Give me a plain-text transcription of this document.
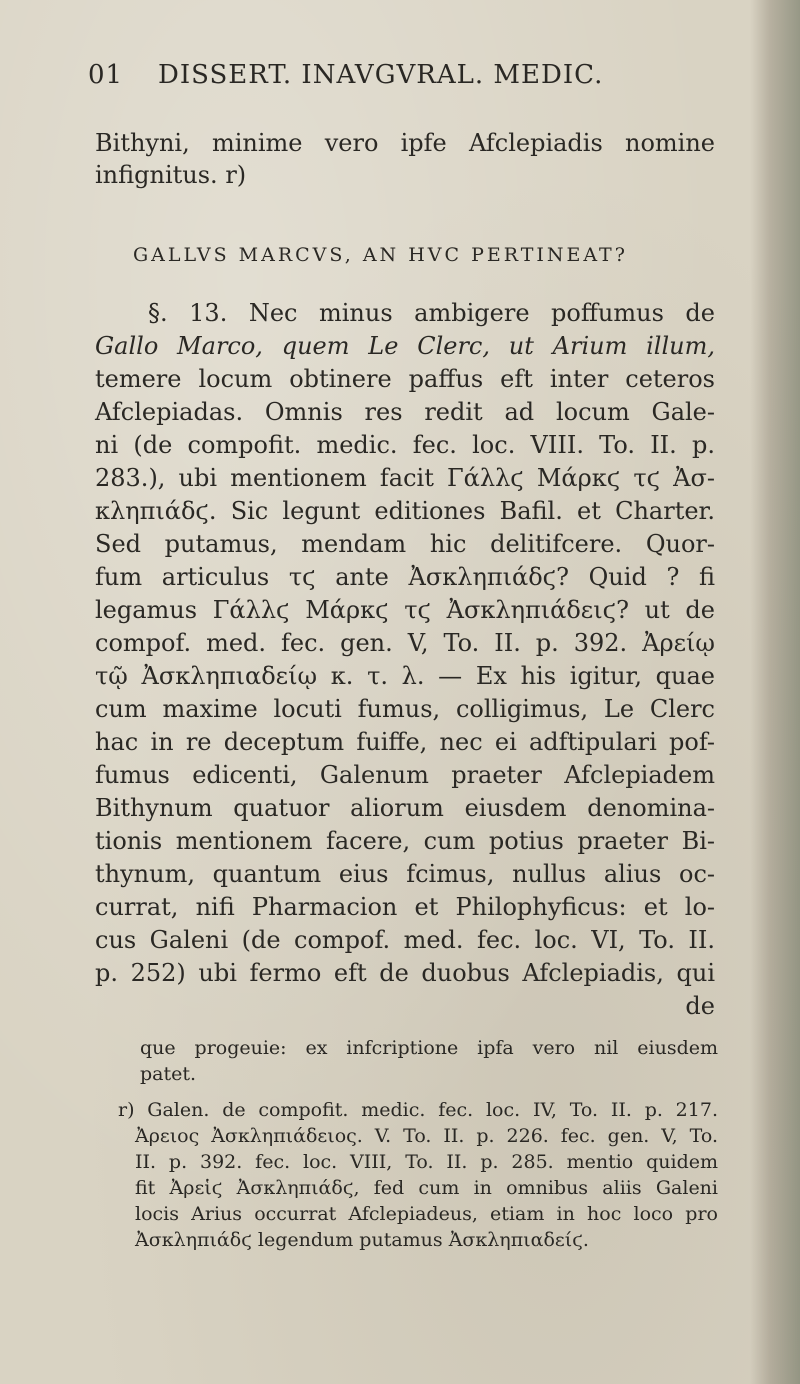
01 DISSERT. INAVGVRAL. MEDIC.
Bithyni, minime vero ipfe Afclepiadis nomine
infignitus. r)
GALLVS MARCVS, AN HVC PERTINEAT?
§. 13. Nec minus ambigere poffumus de
Gallo Marco, quem Le Clerc, ut Arium illum,
temere locum obtinere paffus eft inter ceteros
Afclepiadas. Omnis res redit ad locum Gale-
ni (de compofit. medic. fec. loc. VIII. To. II. p.
283.), ubi mentionem facit Γάλλϛ Μάρκϛ τϛ Ἀσ-
κληπιάδϛ. Sic legunt editiones Bafil. et Charter.
Sed putamus, mendam hic delitifcere. Quor-
fum articulus τϛ ante Ἀσκληπιάδϛ? Quid ? fi
legamus Γάλλϛ Μάρκϛ τϛ Ἀσκληπιάδειϛ? ut de
compof. med. fec. gen. V, To. II. p. 392. Ἀρείῳ
τῷ Ἀσκληπιαδείῳ κ. τ. λ. — Ex his igitur, quae
cum maxime locuti fumus, colligimus, Le Clerc
hac in re deceptum fuiffe, nec ei adftipulari pof-
fumus edicenti, Galenum praeter Afclepiadem
Bithynum quatuor aliorum eiusdem denomina-
tionis mentionem facere, cum potius praeter Bi-
thynum, quantum eius fcimus, nullus alius oc-
currat, nifi Pharmacion et Philophyficus: et lo-
cus Galeni (de compof. med. fec. loc. VI, To. II.
p. 252) ubi fermo eft de duobus Afclepiadis, qui
de
que progeuie: ex infcriptione ipfa vero nil eiusdem
patet.
r) Galen. de compofit. medic. fec. loc. IV, To. II. p. 217.
Ἀρειος Ἀσκληπιάδειος. V. To. II. p. 226. fec. gen. V, To.
II. p. 392. fec. loc. VIII, To. II. p. 285. mentio quidem
fit Ἀρεἱϛ Ἀσκληπιάδϛ, fed cum in omnibus aliis Galeni
locis Arius occurrat Afclepiadeus, etiam in hoc loco pro
Ἀσκληπιάδϛ legendum putamus Ἀσκληπιαδείϛ.
